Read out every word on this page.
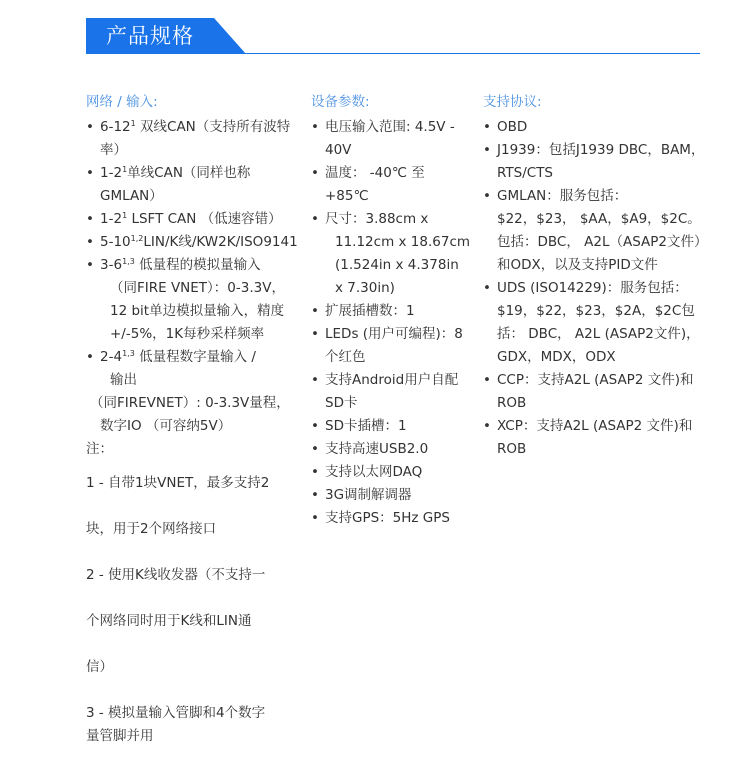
产品规格
网络 / 输入:
• $6-12^1$ 双线CAN（支持所有波特率）
• $1-2^1$单线CAN（同样也称GMLAN）
• $1-2^1$ LSFT CAN （低速容错）
• 5-10$^{1,2}$LIN/K线/KW2K/ISO9141
• 3-6$^{1,3}$ 低量程的模拟量输入
（同FIRE VNET）：0-3.3V，12 bit单边模拟量输入，精度+/-5%，1K每秒采样频率
• 2-4$^{1,3}$ 低量程数字量输入 /
输出
（同FIREVNET）: 0-3.3V量程，
数字IO （可容纳5V）
注：
1 - 自带1块VNET，最多支持2
块，用于2个网络接口
2 - 使用K线收发器（不支持一
个网络同时用于K线和LIN通
信）
3 - 模拟量输入管脚和4个数字
量管脚并用
设备参数:
• 电压输入范围: 4.5V - 40V
• 温度： -40℃ 至 +85℃
• 尺寸：3.88cm x
11.12cm x 18.67cm
(1.524in x 4.378in x 7.30in)
• 扩展插槽数：1
• LEDs (用户可编程)：8个红色
• 支持Android用户自配SD卡
• SD卡插槽：1
• 支持高速USB2.0
• 支持以太网DAQ
• 3G调制解调器
• 支持GPS：5Hz GPS
支持协议:
• OBD
• J1939：包括J1939 DBC，BAM，RTS/CTS
• GMLAN：服务包括： $22，$23， $AA，$A9，$2C。包括：DBC， A2L（ASAP2文件）和ODX，以及支持PID文件
• UDS (ISO14229)：服务包括：$19，$22，$23，$2A，$2C包括： DBC， A2L (ASAP2文件)，GDX，MDX，ODX
• CCP：支持A2L (ASAP2 文件)和ROB
• XCP：支持A2L (ASAP2 文件)和ROB
